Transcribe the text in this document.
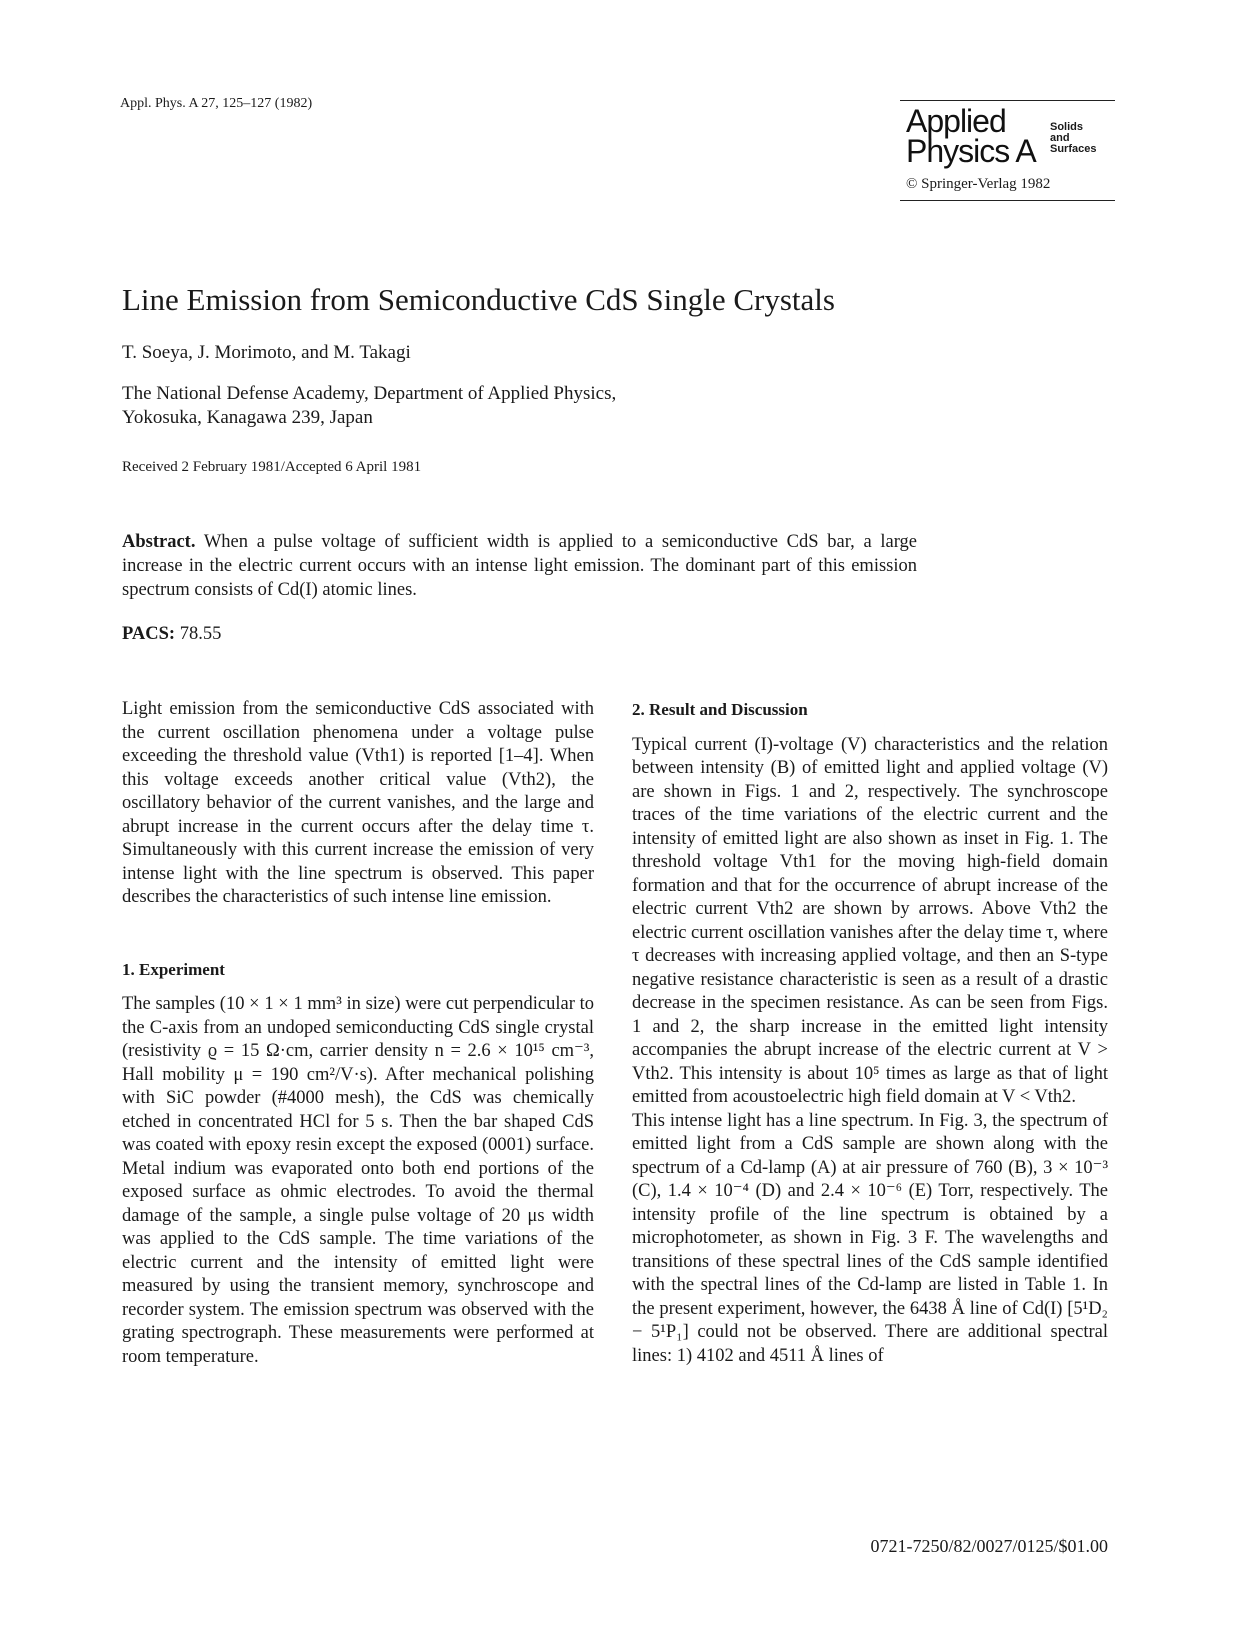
Appl. Phys. A 27, 125–127 (1982)	Applied
Physics A
Solids
and
Surfaces
© Springer-Verlag 1982
Line Emission from Semiconductive CdS Single Crystals
T. Soeya, J. Morimoto, and M. Takagi
The National Defense Academy, Department of Applied Physics,
Yokosuka, Kanagawa 239, Japan
Received 2 February 1981/Accepted 6 April 1981
Abstract. When a pulse voltage of sufficient width is applied to a semiconductive CdS bar, a large increase in the electric current occurs with an intense light emission. The dominant part of this emission spectrum consists of Cd(I) atomic lines.
PACS: 78.55

Light emission from the semiconductive CdS associated with the current oscillation phenomena under a voltage pulse exceeding the threshold value (Vth1) is reported [1–4]. When this voltage exceeds another critical value (Vth2), the oscillatory behavior of the current vanishes, and the large and abrupt increase in the current occurs after the delay time τ. Simultaneously with this current increase the emission of very intense light with the line spectrum is observed. This paper describes the characteristics of such intense line emission.

1. Experiment

The samples (10 × 1 × 1 mm³ in size) were cut perpendicular to the C-axis from an undoped semiconducting CdS single crystal (resistivity ϱ = 15 Ω·cm, carrier density n = 2.6 × 10¹⁵ cm⁻³, Hall mobility μ = 190 cm²/V·s). After mechanical polishing with SiC powder (#4000 mesh), the CdS was chemically etched in concentrated HCl for 5 s. Then the bar shaped CdS was coated with epoxy resin except the exposed (0001) surface. Metal indium was evaporated onto both end portions of the exposed surface as ohmic electrodes. To avoid the thermal damage of the sample, a single pulse voltage of 20 μs width was applied to the CdS sample. The time variations of the electric current and the intensity of emitted light were measured by using the transient memory, synchroscope and recorder system. The emission spectrum was observed with the grating spectrograph. These measurements were performed at room temperature.

2. Result and Discussion

Typical current (I)-voltage (V) characteristics and the relation between intensity (B) of emitted light and applied voltage (V) are shown in Figs. 1 and 2, respectively. The synchroscope traces of the time variations of the electric current and the intensity of emitted light are also shown as inset in Fig. 1. The threshold voltage Vth1 for the moving high-field domain formation and that for the occurrence of abrupt increase of the electric current Vth2 are shown by arrows. Above Vth2 the electric current oscillation vanishes after the delay time τ, where τ decreases with increasing applied voltage, and then an S-type negative resistance characteristic is seen as a result of a drastic decrease in the specimen resistance. As can be seen from Figs. 1 and 2, the sharp increase in the emitted light intensity accompanies the abrupt increase of the electric current at V > Vth2. This intensity is about 10⁵ times as large as that of light emitted from acoustoelectric high field domain at V < Vth2.

This intense light has a line spectrum. In Fig. 3, the spectrum of emitted light from a CdS sample are shown along with the spectrum of a Cd-lamp (A) at air pressure of 760 (B), 3 × 10⁻³ (C), 1.4 × 10⁻⁴ (D) and 2.4 × 10⁻⁶ (E) Torr, respectively. The intensity profile of the line spectrum is obtained by a microphotometer, as shown in Fig. 3 F. The wavelengths and transitions of these spectral lines of the CdS sample identified with the spectral lines of the Cd-lamp are listed in Table 1. In the present experiment, however, the 6438 Å line of Cd(I) [5¹D₂ − 5¹P₁] could not be observed. There are additional spectral lines: 1) 4102 and 4511 Å lines of

0721-7250/82/0027/0125/$01.00
